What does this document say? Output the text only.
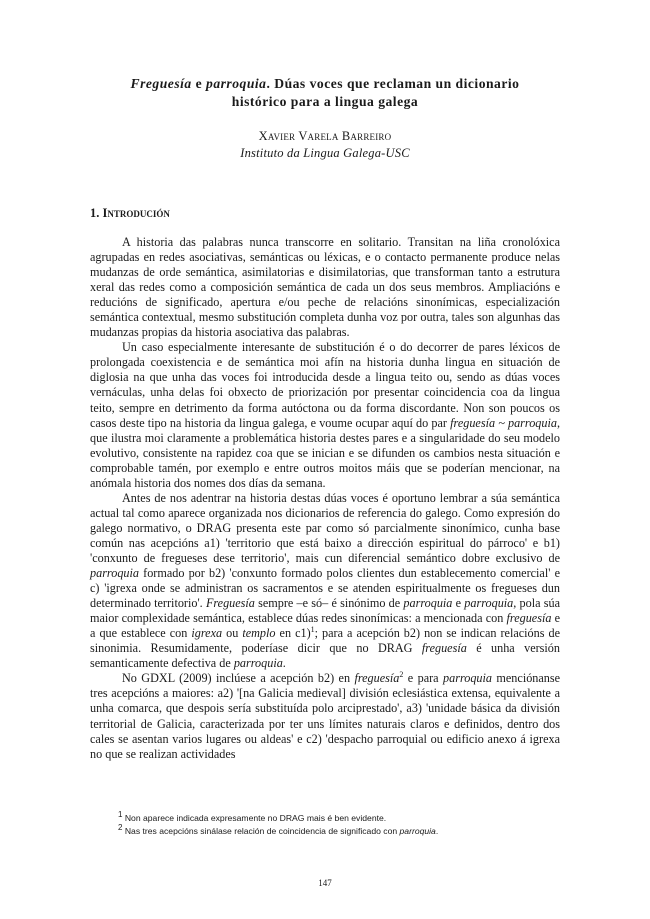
Freguesía e parroquia. Dúas voces que reclaman un dicionario
histórico para a lingua galega
Xavier Varela Barreiro
Instituto da Lingua Galega-USC
1. Introdución

A historia das palabras nunca transcorre en solitario. Transitan na liña cronolóxica agrupadas en redes asociativas, semánticas ou léxicas, e o contacto permanente produce nelas mudanzas de orde semántica, asimilatorias e disimilatorias, que transforman tanto a estrutura xeral das redes como a composición semántica de cada un dos seus membros. Ampliacións e reducións de significado, apertura e/ou peche de relacións sinonímicas, especialización semántica contextual, mesmo substitución completa dunha voz por outra, tales son algunhas das mudanzas propias da historia asociativa das palabras.

Un caso especialmente interesante de substitución é o do decorrer de pares léxicos de prolongada coexistencia e de semántica moi afín na historia dunha lingua en situación de diglosia na que unha das voces foi introducida desde a lingua teito ou, sendo as dúas voces vernáculas, unha delas foi obxecto de priorización por presentar coincidencia coa da lingua teito, sempre en detrimento da forma autóctona ou da forma discordante. Non son poucos os casos deste tipo na historia da lingua galega, e voume ocupar aquí do par freguesía ~ parroquia, que ilustra moi claramente a problemática historia destes pares e a singularidade do seu modelo evolutivo, consistente na rapidez coa que se inician e se difunden os cambios nesta situación e comprobable tamén, por exemplo e entre outros moitos máis que se poderían mencionar, na anómala historia dos nomes dos días da semana.

Antes de nos adentrar na historia destas dúas voces é oportuno lembrar a súa semántica actual tal como aparece organizada nos dicionarios de referencia do galego. Como expresión do galego normativo, o DRAG presenta este par como só parcialmente sinonímico, cunha base común nas acepcións a1) 'territorio que está baixo a dirección espiritual do párroco' e b1) 'conxunto de fregueses dese territorio', mais cun diferencial semántico dobre exclusivo de parroquia formado por b2) 'conxunto formado polos clientes dun establecemento comercial' e c) 'igrexa onde se administran os sacramentos e se atenden espiritualmente os fregueses dun determinado territorio'. Freguesía sempre –e só– é sinónimo de parroquia e parroquia, pola súa maior complexidade semántica, establece dúas redes sinonímicas: a mencionada con freguesía e a que establece con igrexa ou templo en c1)$^1$; para a acepción b2) non se indican relacións de sinonimia. Resumidamente, poderíase dicir que no DRAG freguesía é unha versión semanticamente defectiva de parroquia.

No GDXL (2009) inclúese a acepción b2) en freguesía$^2$ e para parroquia menciónanse tres acepcións a maiores: a2) '[na Galicia medieval] división eclesiástica extensa, equivalente a unha comarca, que despois sería substituída polo arciprestado', a3) 'unidade básica da división territorial de Galicia, caracterizada por ter uns límites naturais claros e definidos, dentro dos cales se asentan varios lugares ou aldeas' e c2) 'despacho parroquial ou edificio anexo á igrexa no que se realizan actividades

$^1$ Non aparece indicada expresamente no DRAG mais é ben evidente.
$^2$ Nas tres acepcións sinálase relación de coincidencia de significado con parroquia.
147
